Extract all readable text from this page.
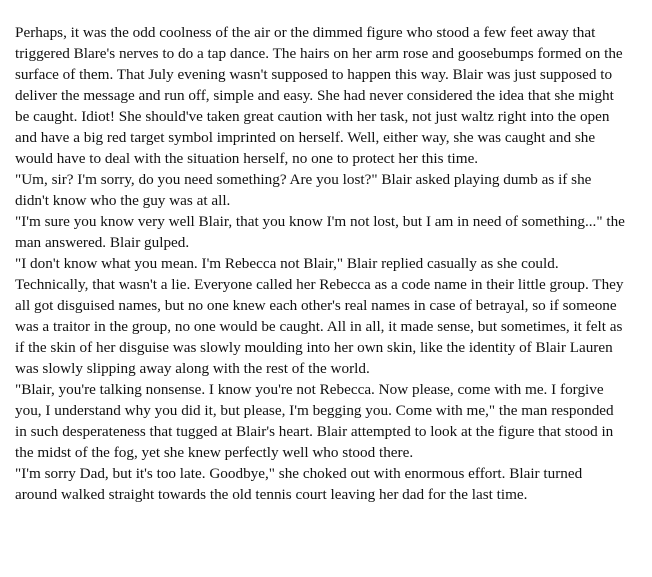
Perhaps, it was the odd coolness of the air or the dimmed figure who stood a few feet away that triggered Blare's nerves to do a tap dance. The hairs on her arm rose and goosebumps formed on the surface of them. That July evening wasn't supposed to happen this way. Blair was just supposed to deliver the message and run off, simple and easy. She had never considered the idea that she might be caught. Idiot! She should've taken great caution with her task, not just waltz right into the open and have a big red target symbol imprinted on herself. Well, either way, she was caught and she would have to deal with the situation herself, no one to protect her this time.

"Um, sir? I'm sorry, do you need something? Are you lost?" Blair asked playing dumb as if she didn't know who the guy was at all.

"I'm sure you know very well Blair, that you know I'm not lost, but I am in need of something..." the man answered. Blair gulped.

"I don't know what you mean. I'm Rebecca not Blair," Blair replied casually as she could. Technically, that wasn't a lie. Everyone called her Rebecca as a code name in their little group. They all got disguised names, but no one knew each other's real names in case of betrayal, so if someone was a traitor in the group, no one would be caught. All in all, it made sense, but sometimes, it felt as if the skin of her disguise was slowly moulding into her own skin, like the identity of Blair Lauren was slowly slipping away along with the rest of the world.

"Blair, you're talking nonsense. I know you're not Rebecca. Now please, come with me. I forgive you, I understand why you did it, but please, I'm begging you. Come with me," the man responded in such desperateness that tugged at Blair's heart. Blair attempted to look at the figure that stood in the midst of the fog, yet she knew perfectly well who stood there.

"I'm sorry Dad, but it's too late. Goodbye," she choked out with enormous effort. Blair turned around walked straight towards the old tennis court leaving her dad for the last time.
